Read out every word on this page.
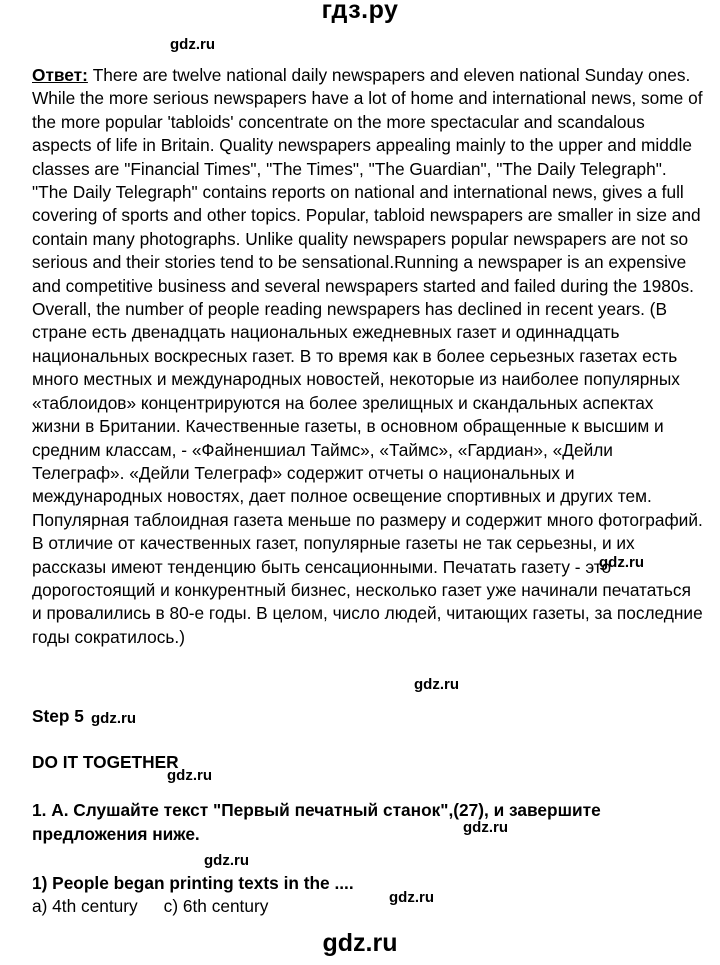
гдз.ру
gdz.ru

Ответ: There are twelve national daily newspapers and eleven national Sunday ones. While the more serious newspapers have a lot of home and international news, some of the more popular 'tabloids' concentrate on the more spectacular and scandalous aspects of life in Britain. Quality newspapers appealing mainly to the upper and middle classes are "Financial Times", "The Times", "The Guardian", "The Daily Telegraph". "The Daily Telegraph" contains reports on national and international news, gives a full covering of sports and other topics. Popular, tabloid newspapers are smaller in size and contain many photographs. Unlike quality newspapers popular newspapers are not so serious and their stories tend to be sensational.Running a newspaper is an expensive and competitive business and several newspapers started and failed during the 1980s. Overall, the number of people reading newspapers has declined in recent years. (В стране есть двенадцать национальных ежедневных газет и одиннадцать национальных воскресных газет. В то время как в более серьезных газетах есть много местных и международных новостей, некоторые из наиболее популярных «таблоидов» концентрируются на более зрелищных и скандальных аспектах жизни в Британии. Качественные газеты, в основном обращенные к высшим и средним классам, - «Файненшиал Таймс», «Таймс», «Гардиан», «Дейли Телеграф». «Дейли Телеграф» содержит отчеты о национальных и международных новостях, дает полное освещение спортивных и других тем. Популярная таблоидная газета меньше по размеру и содержит много фотографий. В отличие от качественных газет, популярные газеты не так серьезны, и их рассказы имеют тенденцию быть сенсационными. Печатать газету - это дорогостоящий и конкурентный бизнес, несколько газет уже начинали печататься и провалились в 80-е годы. В целом, число людей, читающих газеты, за последние годы сократилось.)

gdz.ru
gdz.ru
Step 5 gdz.ru
DO IT TOGETHER
gdz.ru
1. А. Слушайте текст "Первый печатный станок",(27), и завершите
gdz.ru
предложения ниже.
gdz.ru
1) People began printing texts in the ....
gdz.ru
a) 4th century c) 6th century
gdz.ru
